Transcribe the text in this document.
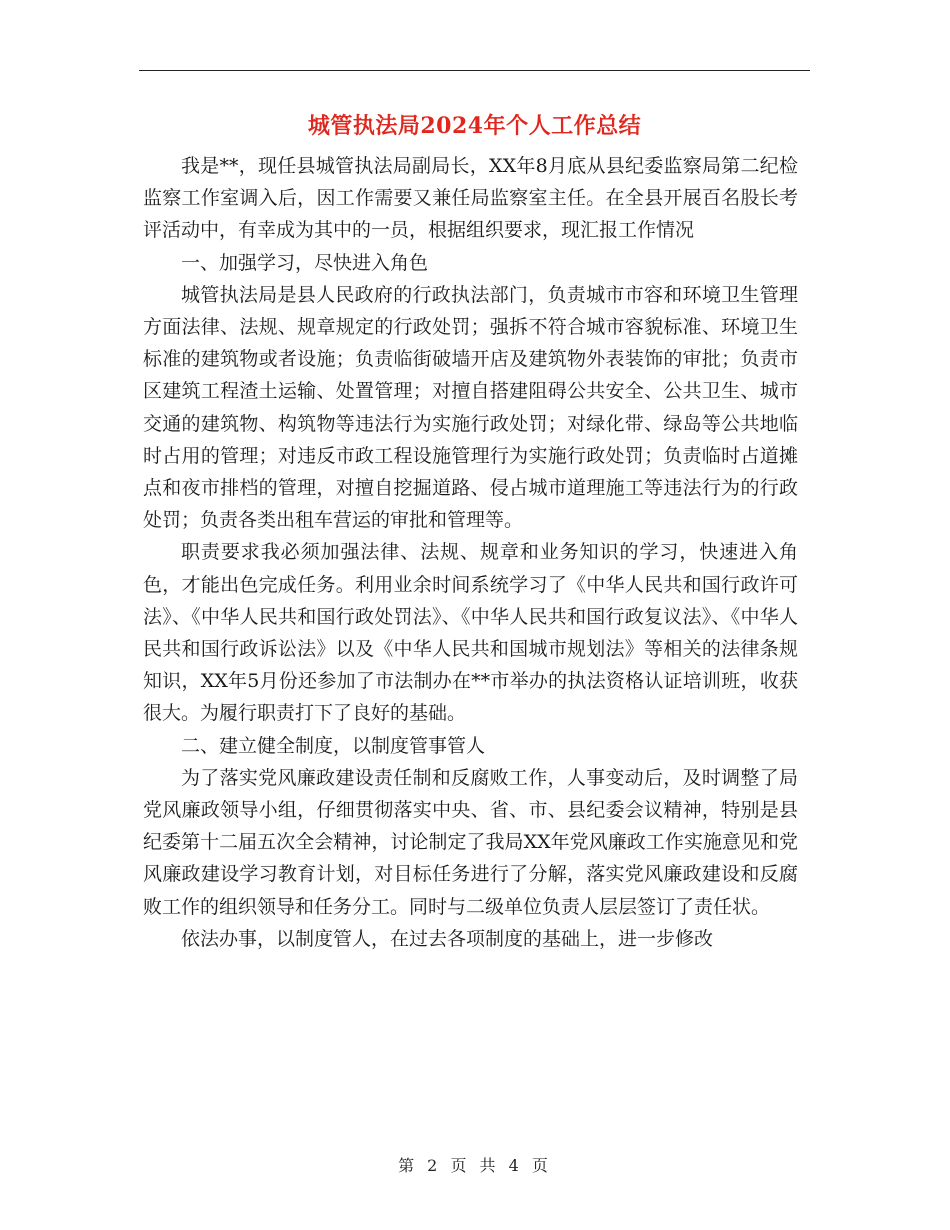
城管执法局2024年个人工作总结

我是**，现任县城管执法局副局长，XX年8月底从县纪委监察局第二纪检监察工作室调入后，因工作需要又兼任局监察室主任。在全县开展百名股长考评活动中，有幸成为其中的一员，根据组织要求，现汇报工作情况

一、加强学习，尽快进入角色

城管执法局是县人民政府的行政执法部门，负责城市市容和环境卫生管理方面法律、法规、规章规定的行政处罚；强拆不符合城市容貌标准、环境卫生标准的建筑物或者设施；负责临街破墙开店及建筑物外表装饰的审批；负责市区建筑工程渣土运输、处置管理；对擅自搭建阻碍公共安全、公共卫生、城市交通的建筑物、构筑物等违法行为实施行政处罚；对绿化带、绿岛等公共地临时占用的管理；对违反市政工程设施管理行为实施行政处罚；负责临时占道摊点和夜市排档的管理，对擅自挖掘道路、侵占城市道理施工等违法行为的行政处罚；负责各类出租车营运的审批和管理等。

职责要求我必须加强法律、法规、规章和业务知识的学习，快速进入角色，才能出色完成任务。利用业余时间系统学习了《中华人民共和国行政许可法》、《中华人民共和国行政处罚法》、《中华人民共和国行政复议法》、《中华人民共和国行政诉讼法》以及《中华人民共和国城市规划法》等相关的法律条规知识，XX年5月份还参加了市法制办在**市举办的执法资格认证培训班，收获很大。为履行职责打下了良好的基础。

二、建立健全制度，以制度管事管人

为了落实党风廉政建设责任制和反腐败工作，人事变动后，及时调整了局党风廉政领导小组，仔细贯彻落实中央、省、市、县纪委会议精神，特别是县纪委第十二届五次全会精神，讨论制定了我局XX年党风廉政工作实施意见和党风廉政建设学习教育计划，对目标任务进行了分解，落实党风廉政建设和反腐败工作的组织领导和任务分工。同时与二级单位负责人层层签订了责任状。

依法办事，以制度管人，在过去各项制度的基础上，进一步修改

第 2 页 共 4 页
